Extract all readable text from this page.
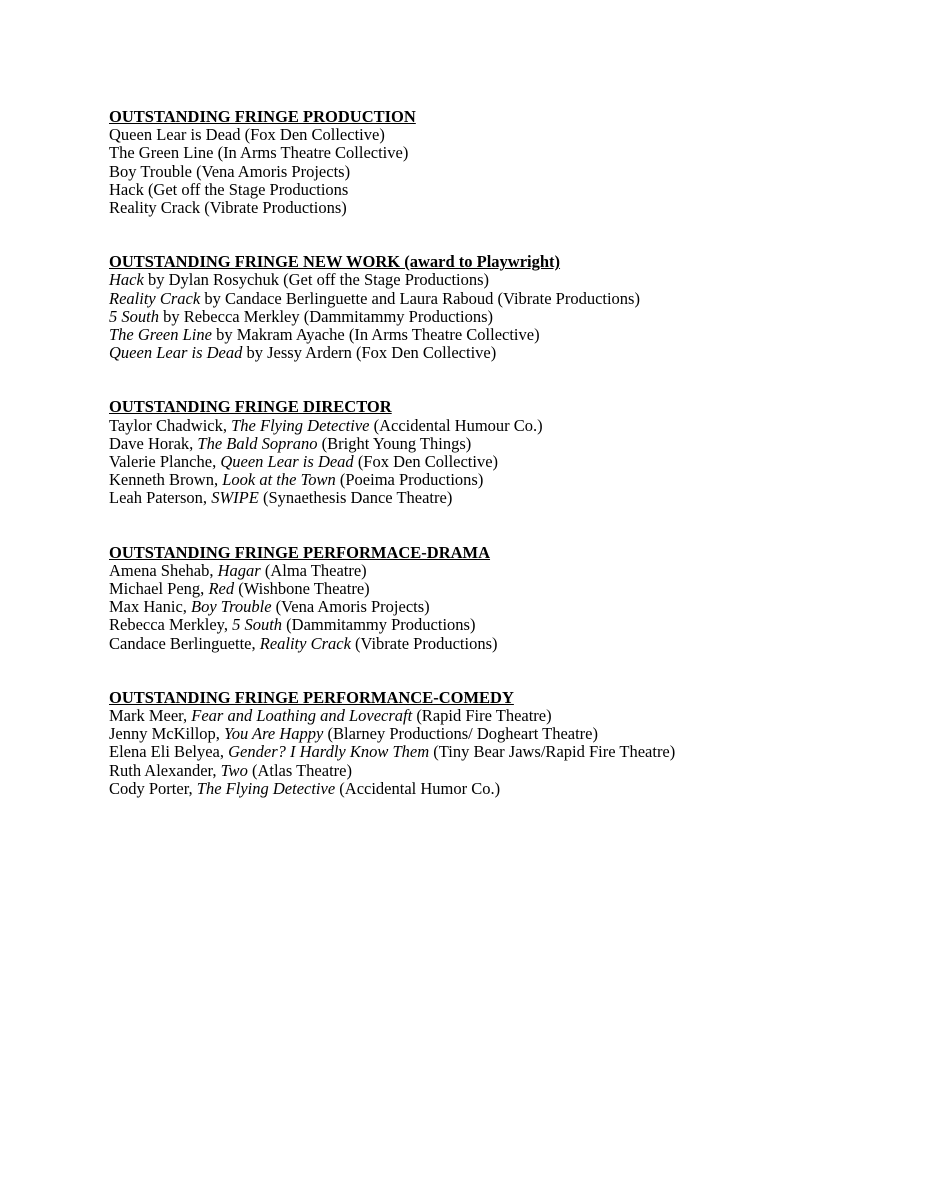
OUTSTANDING FRINGE PRODUCTION

Queen Lear is Dead (Fox Den Collective)

The Green Line (In Arms Theatre Collective)

Boy Trouble (Vena Amoris Projects)

Hack (Get off the Stage Productions

Reality Crack (Vibrate Productions)

OUTSTANDING FRINGE NEW WORK (award to Playwright)

Hack by Dylan Rosychuk (Get off the Stage Productions)

Reality Crack by Candace Berlinguette and Laura Raboud (Vibrate Productions)

5 South by Rebecca Merkley (Dammitammy Productions)

The Green Line by Makram Ayache (In Arms Theatre Collective)

Queen Lear is Dead by Jessy Ardern (Fox Den Collective)

OUTSTANDING FRINGE DIRECTOR

Taylor Chadwick, The Flying Detective (Accidental Humour Co.)

Dave Horak, The Bald Soprano (Bright Young Things)

Valerie Planche, Queen Lear is Dead (Fox Den Collective)

Kenneth Brown, Look at the Town (Poeima Productions)

Leah Paterson, SWIPE (Synaethesis Dance Theatre)

OUTSTANDING FRINGE PERFORMACE-DRAMA

Amena Shehab, Hagar (Alma Theatre)

Michael Peng, Red (Wishbone Theatre)

Max Hanic, Boy Trouble (Vena Amoris Projects)

Rebecca Merkley, 5 South (Dammitammy Productions)

Candace Berlinguette, Reality Crack (Vibrate Productions)

OUTSTANDING FRINGE PERFORMANCE-COMEDY

Mark Meer, Fear and Loathing and Lovecraft (Rapid Fire Theatre)

Jenny McKillop, You Are Happy (Blarney Productions/ Dogheart Theatre)

Elena Eli Belyea, Gender? I Hardly Know Them (Tiny Bear Jaws/Rapid Fire Theatre)

Ruth Alexander, Two (Atlas Theatre)

Cody Porter, The Flying Detective (Accidental Humor Co.)
